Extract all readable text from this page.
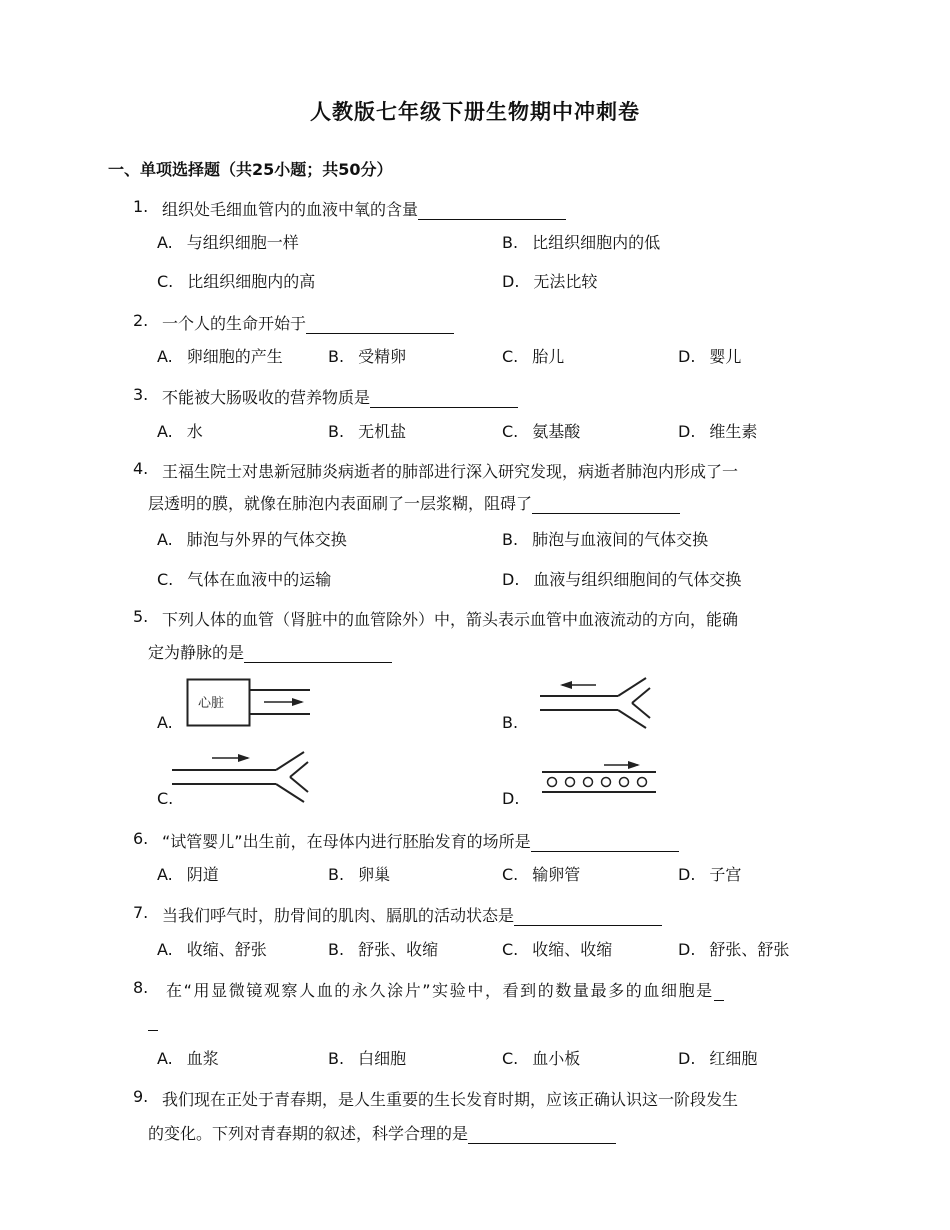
人教版七年级下册生物期中冲刺卷
一、单项选择题（共25小题；共50分）
1. 组织处毛细血管内的血液中氧的含量
A. 与组织细胞一样	B. 比组织细胞内的低
C. 比组织细胞内的高	D. 无法比较
2. 一个人的生命开始于
A. 卵细胞的产生	B. 受精卵	C. 胎儿	D. 婴儿
3. 不能被大肠吸收的营养物质是
A. 水	B. 无机盐	C. 氨基酸	D. 维生素
4. 王福生院士对患新冠肺炎病逝者的肺部进行深入研究发现，病逝者肺泡内形成了一
层透明的膜，就像在肺泡内表面刷了一层浆糊，阻碍了
A. 肺泡与外界的气体交换	B. 肺泡与血液间的气体交换
C. 气体在血液中的运输	D. 血液与组织细胞间的气体交换
5. 下列人体的血管（肾脏中的血管除外）中，箭头表示血管中血液流动的方向，能确
定为静脉的是
A.
心脏
B.
C.	D.
6. “试管婴儿”出生前，在母体内进行胚胎发育的场所是
A. 阴道	B. 卵巢	C. 输卵管	D. 子宫
7. 当我们呼气时，肋骨间的肌肉、膈肌的活动状态是
A. 收缩、舒张	B. 舒张、收缩	C. 收缩、收缩	D. 舒张、舒张
8. 在“用显微镜观察人血的永久涂片”实验中，看到的数量最多的血细胞是
A. 血浆	B. 白细胞	C. 血小板	D. 红细胞
9. 我们现在正处于青春期，是人生重要的生长发育时期，应该正确认识这一阶段发生
的变化。下列对青春期的叙述，科学合理的是
